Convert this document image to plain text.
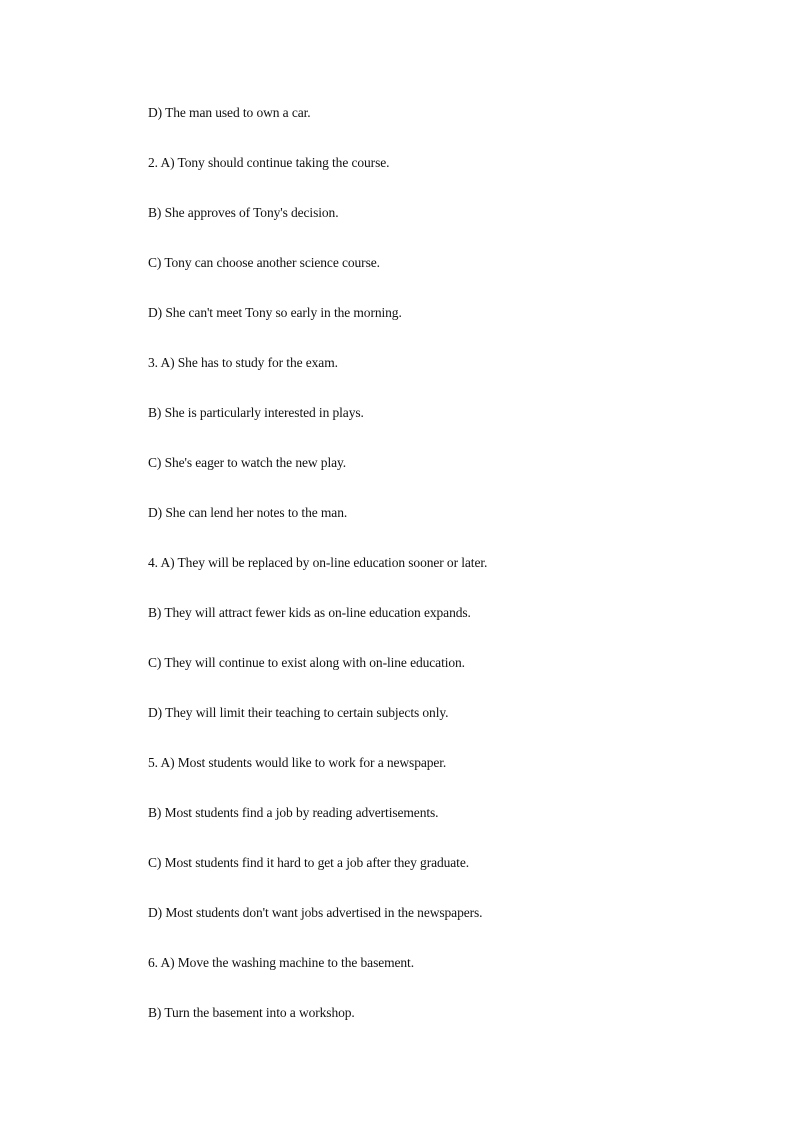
D) The man used to own a car.
2. A) Tony should continue taking the course.
B) She approves of Tony's decision.
C) Tony can choose another science course.
D) She can't meet Tony so early in the morning.
3. A) She has to study for the exam.
B) She is particularly interested in plays.
C) She's eager to watch the new play.
D) She can lend her notes to the man.
4. A) They will be replaced by on-line education sooner or later.
B) They will attract fewer kids as on-line education expands.
C) They will continue to exist along with on-line education.
D) They will limit their teaching to certain subjects only.
5. A) Most students would like to work for a newspaper.
B) Most students find a job by reading advertisements.
C) Most students find it hard to get a job after they graduate.
D) Most students don't want jobs advertised in the newspapers.
6. A) Move the washing machine to the basement.
B) Turn the basement into a workshop.
